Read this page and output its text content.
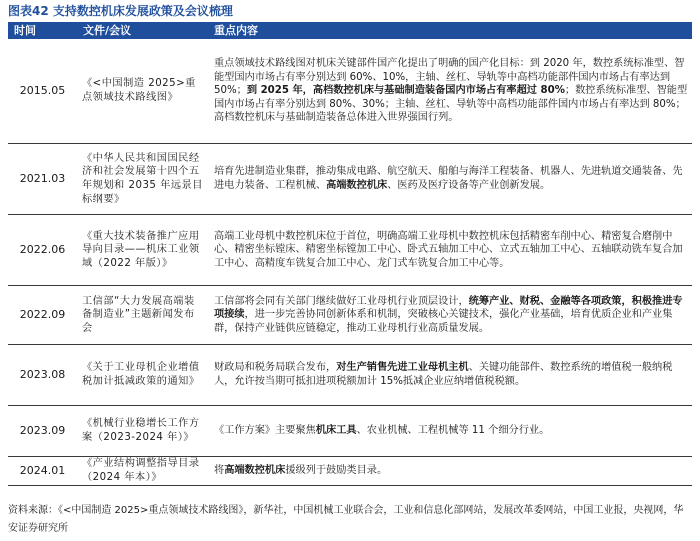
图表42 支持数控机床发展政策及会议梳理
时间	文件/会议	重点内容
2015.05	《<中国制造 2025>重点领域技术路线图》	重点领域技术路线图对机床关键部件国产化提出了明确的国产化目标：到 2020 年，数控系统标准型、智能型国内市场占有率分别达到 60%、10%，主轴、丝杠、导轨等中高档功能部件国内市场占有率达到 50%；到 2025 年，高档数控机床与基础制造装备国内市场占有率超过 80%；数控系统标准型、智能型国内市场占有率分别达到 80%、30%；主轴、丝杠、导轨等中高档功能部件国内市场占有率达到 80%；高档数控机床与基础制造装备总体进入世界强国行列。
2021.03	《中华人民共和国国民经济和社会发展第十四个五年规划和 2035 年远景目标纲要》	培育先进制造业集群，推动集成电路、航空航天、船舶与海洋工程装备、机器人、先进轨道交通装备、先进电力装备、工程机械、高端数控机床、医药及医疗设备等产业创新发展。
2022.06	《重大技术装备推广应用导向目录——机床工业领域（2022 年版）》	高端工业母机中数控机床位于首位，明确高端工业母机中数控机床包括精密车削中心、精密复合磨削中心、精密坐标镗床、精密坐标镗加工中心、卧式五轴加工中心、立式五轴加工中心、五轴联动铣车复合加工中心、高精度车铣复合加工中心、龙门式车铣复合加工中心等。
2022.09	工信部“大力发展高端装备制造业”主题新闻发布会	工信部将会同有关部门继续做好工业母机行业顶层设计，统筹产业、财税、金融等各项政策，积极推进专项接续，进一步完善协同创新体系和机制，突破核心关键技术，强化产业基础，培育优质企业和产业集群，保持产业链供应链稳定，推动工业母机行业高质量发展。
2023.08	《关于工业母机企业增值税加计抵减政策的通知》	财政局和税务局联合发布，对生产销售先进工业母机主机、关键功能部件、数控系统的增值税一般纳税人，允许按当期可抵扣进项税额加计 15%抵减企业应纳增值税税额。
2023.09	《机械行业稳增长工作方案（2023-2024 年）》	《工作方案》主要聚焦机床工具、农业机械、工程机械等 11 个细分行业。
2024.01	《产业结构调整指导目录（2024 年本）》	将高端数控机床援级列于鼓励类目录。
资料来源：《<中国制造 2025>重点领域技术路线图》，新华社，中国机械工业联合会，工业和信息化部网站，发展改革委网站，中国工业报，央视网，华安证券研究所
